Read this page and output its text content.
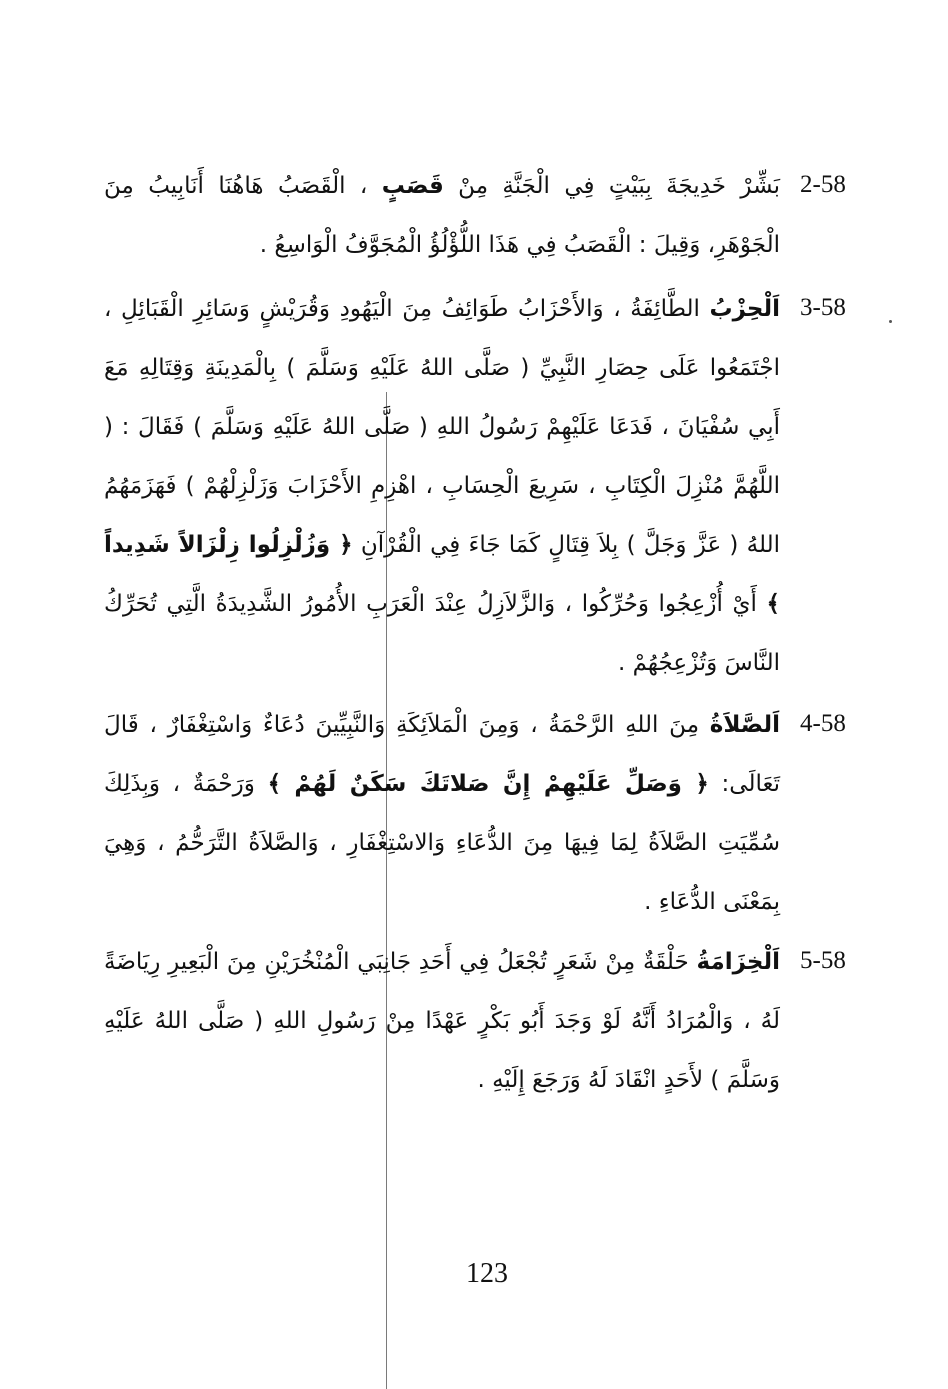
2-58

بَشِّرْ خَدِيجَةَ بِبَيْتٍ فِي الْجَنَّةِ مِنْ قَصَبٍ ، الْقَصَبُ هَاهُنَا أَنَابِيبُ مِنَ الْجَوْهَرِ، وَقِيلَ : الْقَصَبُ فِي هَذَا اللُّؤْلُؤُ الْمُجَوَّفُ الْوَاسِعُ .

3-58

اَلْحِزْبُ الطَّائِفَةُ ، وَالأَحْزَابُ طَوَائِفُ مِنَ الْيَهُودِ وَقُرَيْشٍ وَسَائِرِ الْقَبَائِلِ ، اجْتَمَعُوا عَلَى حِصَارِ النَّبِيِّ ( صَلَّى اللهُ عَلَيْهِ وَسَلَّمَ ) بِالْمَدِينَةِ وَقِتَالِهِ مَعَ أَبِي سُفْيَانَ ، فَدَعَا عَلَيْهِمْ رَسُولُ اللهِ ( صَلَّى اللهُ عَلَيْهِ وَسَلَّمَ ) فَقَالَ : ( اللَّهُمَّ مُنْزِلَ الْكِتَابِ ، سَرِيعَ الْحِسَابِ ، اهْزِمِ الأَحْزَابَ وَزَلْزِلْهُمْ ) فَهَزَمَهُمُ اللهُ ( عَزَّ وَجَلَّ ) بِلاَ قِتَالٍ كَمَا جَاءَ فِي الْقُرْآنِ ﴿ وَزُلْزِلُوا زِلْزَالاً شَدِيداً ﴾ أَيْ أُزْعِجُوا وَحُرِّكُوا ، وَالزَّلاَزِلُ عِنْدَ الْعَرَبِ الأُمُورُ الشَّدِيدَةُ الَّتِي تُحَرِّكُ النَّاسَ وَتُزْعِجُهُمْ .

4-58

اَلصَّلاَةُ مِنَ اللهِ الرَّحْمَةُ ، وَمِنَ الْمَلاَئِكَةِ وَالنَّبِيِّينَ دُعَاءٌ وَاسْتِغْفَارٌ ، قَالَ تَعَالَى: ﴿ وَصَلِّ عَلَيْهِمْ إِنَّ صَلاتَكَ سَكَنٌ لَهُمْ ﴾ وَرَحْمَةٌ ، وَبِذَلِكَ سُمِّيَتِ الصَّلاَةُ لِمَا فِيهَا مِنَ الدُّعَاءِ وَالاسْتِغْفَارِ ، وَالصَّلاَةُ التَّرَحُّمُ ، وَهِيَ بِمَعْنَى الدُّعَاءِ .

5-58

اَلْخِزَامَةُ حَلْقَةٌ مِنْ شَعَرٍ تُجْعَلُ فِي أَحَدِ جَانِبَي الْمُنْخُرَيْنِ مِنَ الْبَعِيرِ رِيَاضَةً لَهُ ، وَالْمُرَادُ أَنَّهُ لَوْ وَجَدَ أَبُو بَكْرٍ عَهْدًا مِنْ رَسُولِ اللهِ ( صَلَّى اللهُ عَلَيْهِ وَسَلَّمَ ) لأَحَدٍ انْقَادَ لَهُ وَرَجَعَ إِلَيْهِ .

123
